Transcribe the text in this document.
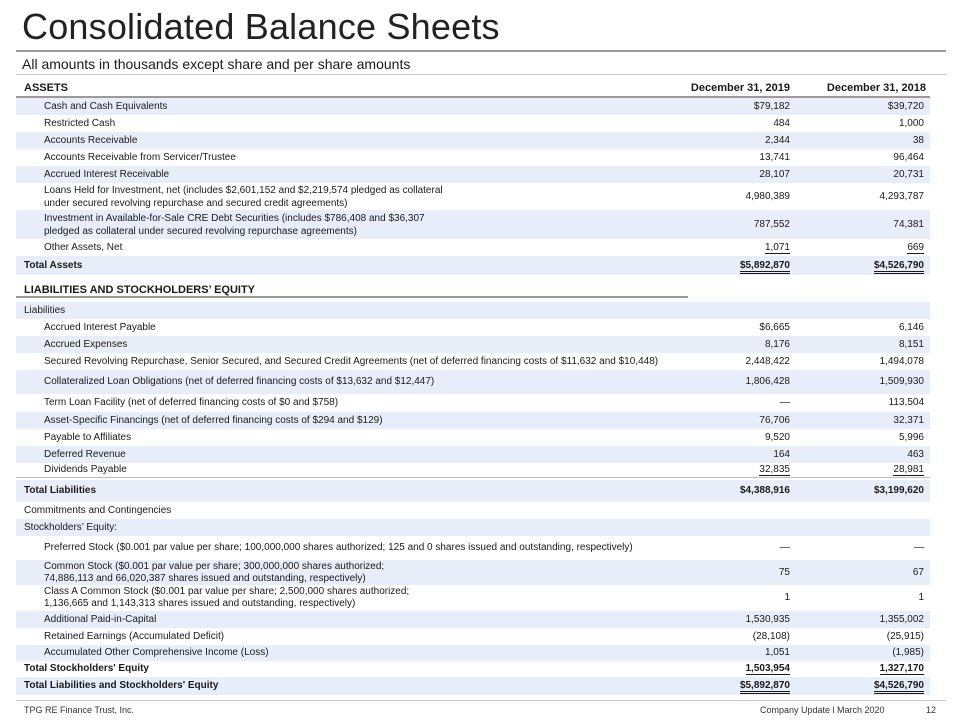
Consolidated Balance Sheets
All amounts in thousands except share and per share amounts
ASSETS	December 31, 2019	December 31, 2018
Cash and Cash Equivalents	$79,182	$39,720
Restricted Cash	484	1,000
Accounts Receivable	2,344	38
Accounts Receivable from Servicer/Trustee	13,741	96,464
Accrued Interest Receivable	28,107	20,731
Loans Held for Investment, net (includes $2,601,152 and $2,219,574 pledged as collateral
under secured revolving repurchase and secured credit agreements)
4,980,389	4,293,787
Investment in Available-for-Sale CRE Debt Securities (includes $786,408 and $36,307
pledged as collateral under secured revolving repurchase agreements)
787,552	74,381
Other Assets, Net	1,071	669
Total Assets	$5,892,870	$4,526,790
LIABILITIES AND STOCKHOLDERS’ EQUITY
Liabilities
Accrued Interest Payable	$6,665	6,146
Accrued Expenses	8,176	8,151
Secured Revolving Repurchase, Senior Secured, and Secured Credit Agreements (net of deferred financing costs of $11,632 and $10,448)	2,448,422	1,494,078
Collateralized Loan Obligations (net of deferred financing costs of $13,632 and $12,447)	1,806,428	1,509,930
Term Loan Facility (net of deferred financing costs of $0 and $758)	—	113,504
Asset-Specific Financings (net of deferred financing costs of $294 and $129)	76,706	32,371
Payable to Affiliates	9,520	5,996
Deferred Revenue	164	463
Dividends Payable	32,835	28,981
Total Liabilities	$4,388,916	$3,199,620
Commitments and Contingencies
Stockholders’ Equity:
Preferred Stock ($0.001 par value per share; 100,000,000 shares authorized; 125 and 0 shares issued and outstanding, respectively)	—	—
Common Stock ($0.001 par value per share; 300,000,000 shares authorized;
74,886,113 and 66,020,387 shares issued and outstanding, respectively)
75	67
Class A Common Stock ($0.001 par value per share; 2,500,000 shares authorized;
1,136,665 and 1,143,313 shares issued and outstanding, respectively)
1	1
Additional Paid-in-Capital	1,530,935	1,355,002
Retained Earnings (Accumulated Deficit)	(28,108)	(25,915)
Accumulated Other Comprehensive Income (Loss)	1,051	(1,985)
Total Stockholders' Equity	1,503,954	1,327,170
Total Liabilities and Stockholders' Equity	$5,892,870	$4,526,790
TPG RE Finance Trust, Inc.	Company Update l March 2020	12
